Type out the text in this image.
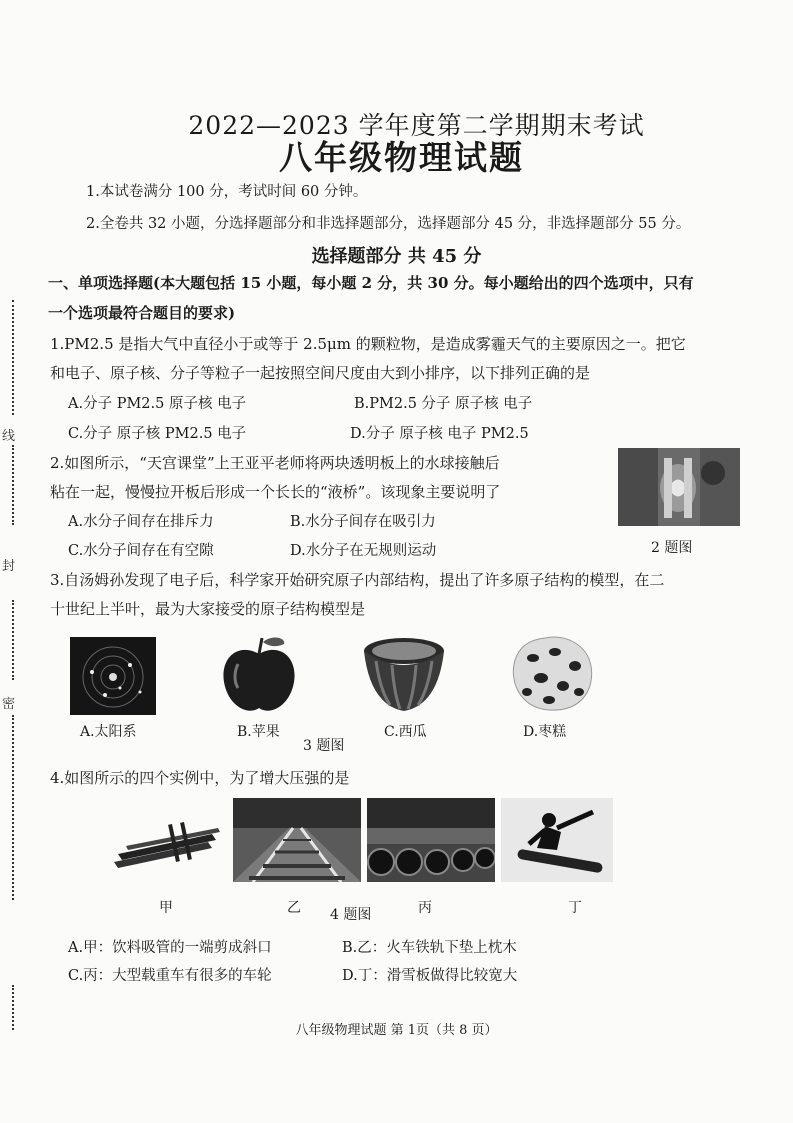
线
封
密
2022—2023 学年度第二学期期末考试
八年级物理试题
1.本试卷满分 100 分，考试时间 60 分钟。
2.全卷共 32 小题，分选择题部分和非选择题部分，选择题部分 45 分，非选择题部分 55 分。
选择题部分 共 45 分
一、单项选择题(本大题包括 15 小题，每小题 2 分，共 30 分。每小题给出的四个选项中，只有
一个选项最符合题目的要求)
1.PM2.5 是指大气中直径小于或等于 2.5μm 的颗粒物，是造成雾霾天气的主要原因之一。把它
和电子、原子核、分子等粒子一起按照空间尺度由大到小排序，以下排列正确的是
A.分子 PM2.5 原子核 电子	B.PM2.5 分子 原子核 电子
C.分子 原子核 PM2.5 电子	D.分子 原子核 电子 PM2.5
2.如图所示，“天宫课堂”上王亚平老师将两块透明板上的水球接触后
粘在一起，慢慢拉开板后形成一个长长的“液桥”。该现象主要说明了
A.水分子间存在排斥力	B.水分子间存在吸引力
C.水分子间存在有空隙	D.水分子在无规则运动	2 题图
3.自汤姆孙发现了电子后，科学家开始研究原子内部结构，提出了许多原子结构的模型，在二
十世纪上半叶，最为大家接受的原子结构模型是
A.太阳系	B.苹果	C.西瓜	D.枣糕
3 题图
4.如图所示的四个实例中，为了增大压强的是
甲	乙 4 题图	丙	丁
A.甲：饮料吸管的一端剪成斜口	B.乙：火车铁轨下垫上枕木
C.丙：大型载重车有很多的车轮	D.丁：滑雪板做得比较宽大
八年级物理试题 第 1页（共 8 页）
